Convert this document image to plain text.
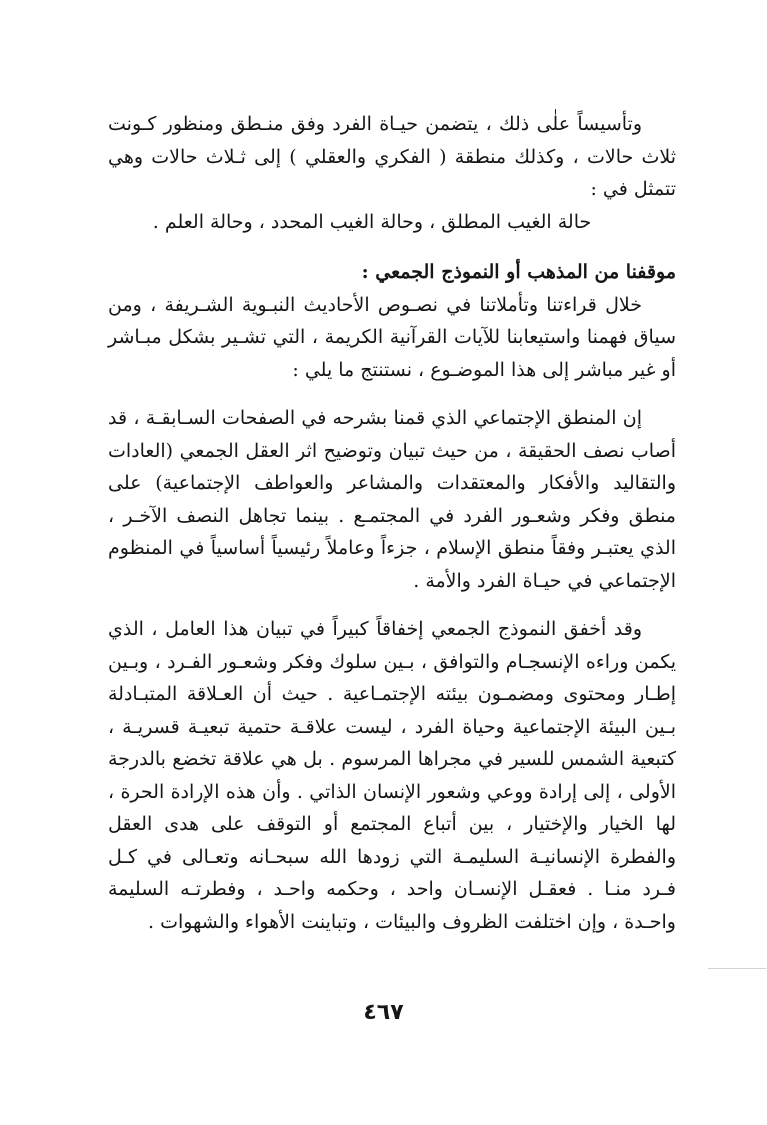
وتأسيساً علٰى ذلك ، يتضمن حيـاة الفرد وفق منـطق ومنظور كـونت ثلاث حالات ، وكذلك منطقة ( الفكري والعقلي ) إلى ثـلاث حالات وهي تتمثل في :

حالة الغيب المطلق ، وحالة الغيب المحدد ، وحالة العلم .

موقفنا من المذهب أو النموذج الجمعي :

خلال قراءتنا وتأملاتنا في نصـوص الأحاديث النبـوية الشـريفة ، ومن سياق فهمنا واستيعابنا للآيات القرآنية الكريمة ، التي تشـير بشكل مبـاشر أو غير مباشر إلى هذا الموضـوع ، نستنتج ما يلي :

إن المنطق الإجتماعي الذي قمنا بشرحه في الصفحات السـابقـة ، قد أصاب نصف الحقيقة ، من حيث تبيان وتوضيح اثر العقل الجمعي (العادات والتقاليد والأفكار والمعتقدات والمشاعر والعواطف الإجتماعية) على منطق وفكر وشعـور الفرد في المجتمـع . بينما تجاهل النصف الآخـر ، الذي يعتبـر وفقاً منطق الإسلام ، جزءاً وعاملاً رئيسياً أساسياً في المنظوم الإجتماعي في حيـاة الفرد والأمة .

وقد أخفق النموذج الجمعي إخفاقاً كبيراً في تبيان هذا العامل ، الذي يكمن وراءه الإنسجـام والتوافق ، بـين سلوك وفكر وشعـور الفـرد ، وبـين إطـار ومحتوى ومضمـون بيئته الإجتمـاعية . حيث أن العـلاقة المتبـادلة بـين البيئة الإجتماعية وحياة الفرد ، ليست علاقـة حتمية تبعيـة قسريـة ، كتبعية الشمس للسير في مجراها المرسوم . بل هي علاقة تخضع بالدرجة الأولى ، إلى إرادة ووعي وشعور الإنسان الذاتي . وأن هذه الإرادة الحرة ، لها الخيار والإختيار ، بين أتباع المجتمع أو التوقف على هدى العقل والفطرة الإنسانيـة السليمـة التي زودها الله سبحـانه وتعـالى في كـل فـرد منـا . فعقـل الإنسـان واحد ، وحكمه واحـد ، وفطرتـه السليمة واحـدة ، وإن اختلفت الظروف والبيئات ، وتباينت الأهواء والشهوات .

٤٦٧
